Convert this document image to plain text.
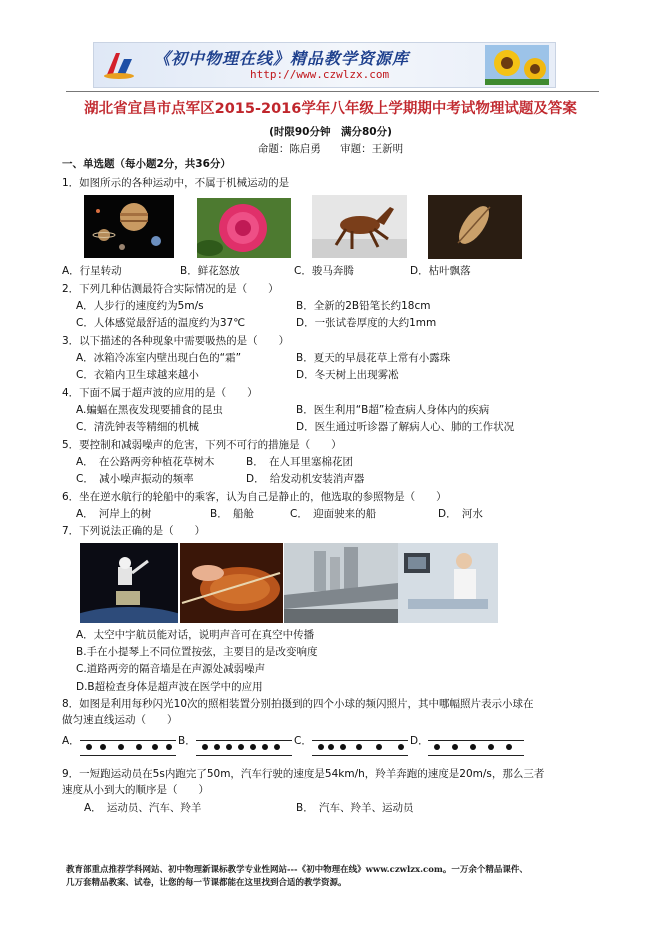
《初中物理在线》精品教学资源库
http://www.czwlzx.com
湖北省宜昌市点军区2015-2016学年八年级上学期期中考试物理试题及答案
(时限90分钟　满分80分)
命题：陈启勇 审题：王新明
一、单选题（每小题2分，共36分）
1．如图所示的各种运动中，不属于机械运动的是
A．行星转动	B．鲜花怒放	C．骏马奔腾	D．枯叶飘落
2．下列几种估测最符合实际情况的是（　　）
A．人步行的速度约为5m/s	B．全新的2B铅笔长约18cm
C．人体感觉最舒适的温度约为37℃	D．一张试卷厚度的大约1mm
3．以下描述的各种现象中需要吸热的是（　　）
A．冰箱冷冻室内壁出现白色的“霜”	B．夏天的早晨花草上常有小露珠
C．衣箱内卫生球越来越小	D．冬天树上出现雾凇
4．下面不属于超声波的应用的是（　　）
A.蝙蝠在黑夜发现要捕食的昆虫	B．医生利用“B超”检查病人身体内的疾病
C．清洗钟表等精细的机械	D．医生通过听诊器了解病人心、肺的工作状况
5．要控制和减弱噪声的危害，下列不可行的措施是（　　）
A．　在公路两旁种植花草树木	B．　在人耳里塞棉花团
C．　减小噪声振动的频率	D．　给发动机安装消声器
6．坐在逆水航行的轮船中的乘客，认为自己是静止的，他选取的参照物是（　　）
A．　河岸上的树	B．　船舱	C．　迎面驶来的船	D．　河水
7．下列说法正确的是（　　）
A．太空中宇航员能对话，说明声音可在真空中传播
B.手在小提琴上不同位置按弦，主要目的是改变响度
C.道路两旁的隔音墙是在声源处减弱噪声
D.B超检查身体是超声波在医学中的应用
8．如图是利用每秒闪光10次的照相装置分别拍摄到的四个小球的频闪照片，其中哪幅照片表示小球在
做匀速直线运动（　　）
A．	B．	C．	D．
9．一短跑运动员在5s内跑完了50m，汽车行驶的速度是54km/h，羚羊奔跑的速度是20m/s，那么三者
速度从小到大的顺序是（　　）
A．　运动员、汽车、羚羊	B．　汽车、羚羊、运动员
教育部重点推荐学科网站、初中物理新课标教学专业性网站---《初中物理在线》www.czwlzx.com。一万余个精品课件、
几万套精品教案、试卷，让您的每一节课都能在这里找到合适的教学资源。
